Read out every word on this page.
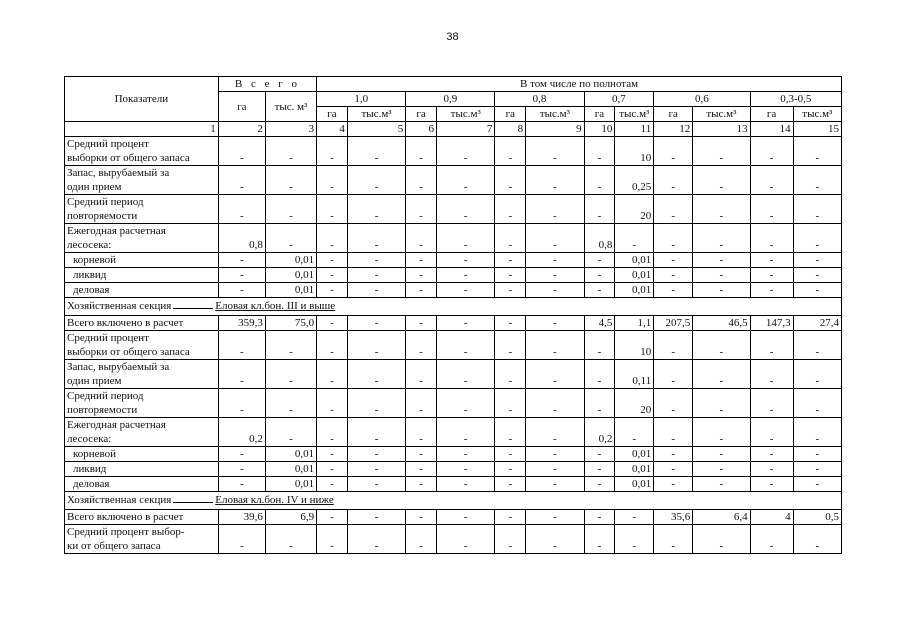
38
Показатели	В с е г о		В том числе по полнотам											
	га	тыс. м³	1,0		0,9		0,8		0,7		0,6		0,3-0,5	
			га	тыс.м³	га	тыс.м³	га	тыс.м³	га	тыс.м³	га	тыс.м³	га	тыс.м³
1	2	3	4	5	6	7	8	9	10	11	12	13	14	15
Средний процент
выборки от общего запаса	-	-	-	-	-	-	-	-	-	10	-	-	-	-
Запас, вырубаемый за
один прием	-	-	-	-	-	-	-	-	-	0,25	-	-	-	-
Средний период
повторяемости	-	-	-	-	-	-	-	-	-	20	-	-	-	-
Ежегодная расчетная
лесосека:	0,8	-	-	-	-	-	-	-	0,8	-	-	-	-	-
корневой	-	0,01	-	-	-	-	-	-	-	0,01	-	-	-	-
ликвид	-	0,01	-	-	-	-	-	-	-	0,01	-	-	-	-
деловая	-	0,01	-	-	-	-	-	-	-	0,01	-	-	-	-
Хозяйственная секция Еловая кл.бон. III и выше														
Всего включено в расчет	359,3	75,0	-	-	-	-	-	-	4,5	1,1	207,5	46,5	147,3	27,4
Средний процент
выборки от общего запаса	-	-	-	-	-	-	-	-	-	10	-	-	-	-
Запас, вырубаемый за
один прием	-	-	-	-	-	-	-	-	-	0,11	-	-	-	-
Средний период
повторяемости	-	-	-	-	-	-	-	-	-	20	-	-	-	-
Ежегодная расчетная
лесосека:	0,2	-	-	-	-	-	-	-	0,2	-	-	-	-	-
корневой	-	0,01	-	-	-	-	-	-	-	0,01	-	-	-	-
ликвид	-	0,01	-	-	-	-	-	-	-	0,01	-	-	-	-
деловая	-	0,01	-	-	-	-	-	-	-	0,01	-	-	-	-
Хозяйственная секция Еловая кл.бон. IV и ниже														
Всего включено в расчет	39,6	6,9	-	-	-	-	-	-	-	-	35,6	6,4	4	0,5
Средний процент выбор-
ки от общего запаса	-	-	-	-	-	-	-	-	-	-	-	-	-	-
